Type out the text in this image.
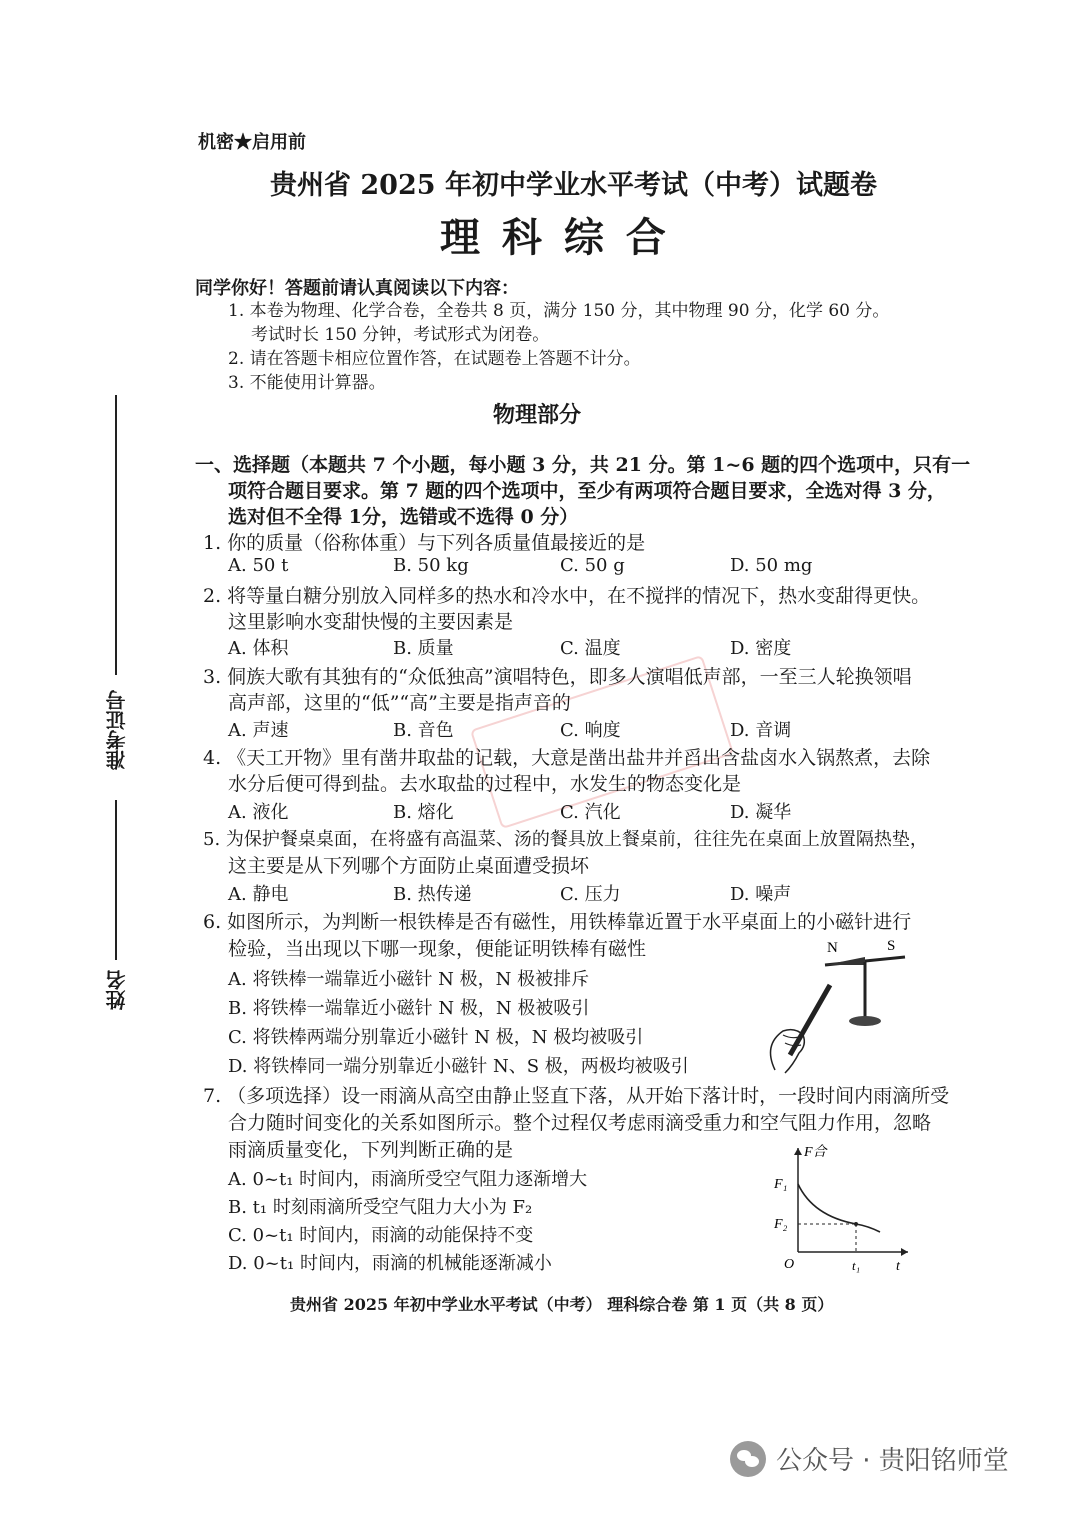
机密★启用前
贵州省 2025 年初中学业水平考试（中考）试题卷
理 科 综 合
同学你好！答题前请认真阅读以下内容：
1. 本卷为物理、化学合卷，全卷共 8 页，满分 150 分，其中物理 90 分，化学 60 分。
考试时长 150 分钟，考试形式为闭卷。
2. 请在答题卡相应位置作答，在试题卷上答题不计分。
3. 不能使用计算器。
准考证号
姓名
物理部分
一、选择题（本题共 7 个小题，每小题 3 分，共 21 分。第 1~6 题的四个选项中，只有一
项符合题目要求。第 7 题的四个选项中，至少有两项符合题目要求，全选对得 3 分，
选对但不全得 1分，选错或不选得 0 分）
1. 你的质量（俗称体重）与下列各质量值最接近的是
A. 50 t	B. 50 kg	C. 50 g	D. 50 mg
2. 将等量白糖分别放入同样多的热水和冷水中，在不搅拌的情况下，热水变甜得更快。
这里影响水变甜快慢的主要因素是
A. 体积	B. 质量	C. 温度	D. 密度
3. 侗族大歌有其独有的“众低独高”演唱特色，即多人演唱低声部，一至三人轮换领唱
高声部，这里的“低”“高”主要是指声音的
A. 声速	B. 音色	C. 响度	D. 音调
4. 《天工开物》里有凿井取盐的记载，大意是凿出盐井并舀出含盐卤水入锅熬煮，去除
水分后便可得到盐。去水取盐的过程中，水发生的物态变化是
A. 液化	B. 熔化	C. 汽化	D. 凝华
5. 为保护餐桌桌面，在将盛有高温菜、汤的餐具放上餐桌前，往往先在桌面上放置隔热垫，
这主要是从下列哪个方面防止桌面遭受损坏
A. 静电	B. 热传递	C. 压力	D. 噪声
6. 如图所示，为判断一根铁棒是否有磁性，用铁棒靠近置于水平桌面上的小磁针进行
检验，当出现以下哪一现象，便能证明铁棒有磁性
A. 将铁棒一端靠近小磁针 N 极，N 极被排斥
B. 将铁棒一端靠近小磁针 N 极，N 极被吸引
C. 将铁棒两端分别靠近小磁针 N 极，N 极均被吸引
D. 将铁棒同一端分别靠近小磁针 N、S 极，两极均被吸引
N	S
7. （多项选择）设一雨滴从高空由静止竖直下落，从开始下落计时，一段时间内雨滴所受
合力随时间变化的关系如图所示。整个过程仅考虑雨滴受重力和空气阻力作用，忽略
雨滴质量变化，下列判断正确的是
A. 0~t₁ 时间内，雨滴所受空气阻力逐渐增大
B. t₁ 时刻雨滴所受空气阻力大小为 F₂
C. 0~t₁ 时间内，雨滴的动能保持不变
D. 0~t₁ 时间内，雨滴的机械能逐渐减小
F合
F₁
F₂
O	t₁	t
贵州省 2025 年初中学业水平考试（中考） 理科综合卷 第 1 页（共 8 页）
公众号 · 贵阳铭师堂
